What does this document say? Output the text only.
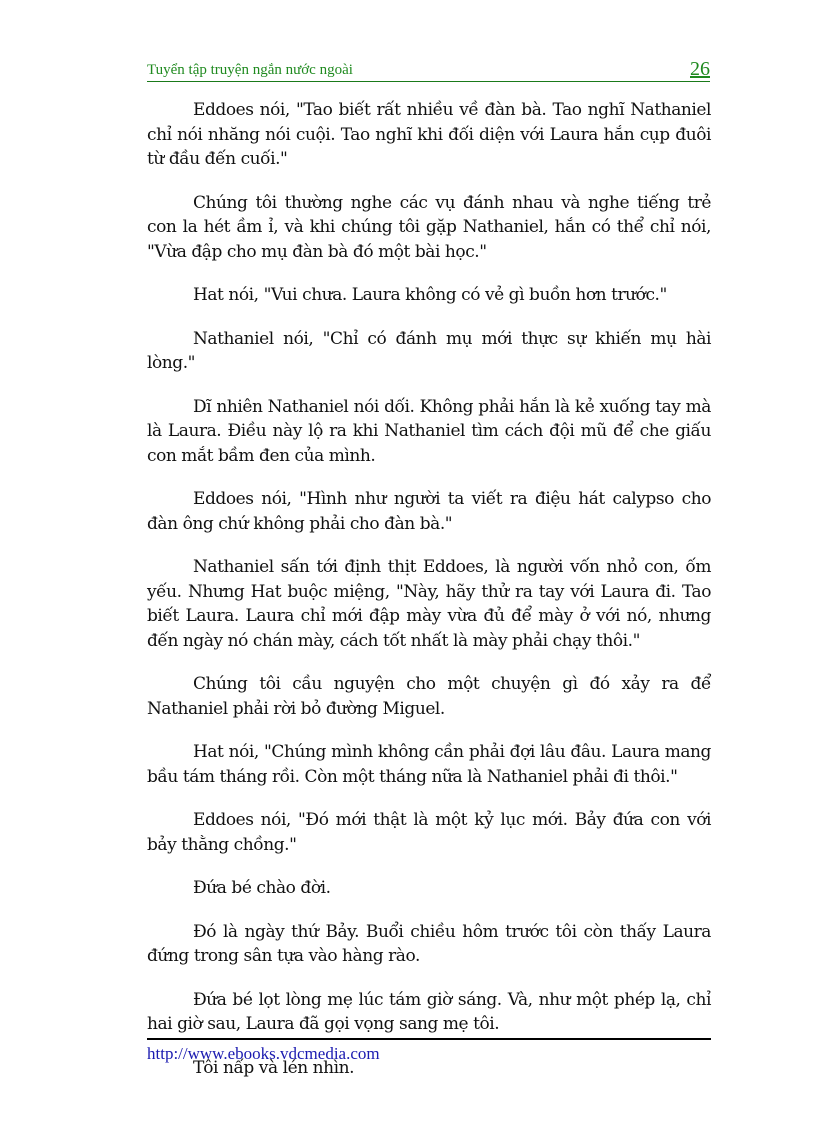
Tuyển tập truyện ngắn nước ngoài	26

Eddoes nói, "Tao biết rất nhiều về đàn bà. Tao nghĩ Nathaniel chỉ nói nhăng nói cuội. Tao nghĩ khi đối diện với Laura hắn cụp đuôi từ đầu đến cuối."

Chúng tôi thường nghe các vụ đánh nhau và nghe tiếng trẻ con la hét ầm ỉ, và khi chúng tôi gặp Nathaniel, hắn có thể chỉ nói, "Vừa đập cho mụ đàn bà đó một bài học."

Hat nói, "Vui chưa. Laura không có vẻ gì buồn hơn trước."

Nathaniel nói, "Chỉ có đánh mụ mới thực sự khiến mụ hài lòng."

Dĩ nhiên Nathaniel nói dối. Không phải hắn là kẻ xuống tay mà là Laura. Điều này lộ ra khi Nathaniel tìm cách đội mũ để che giấu con mắt bầm đen của mình.

Eddoes nói, "Hình như người ta viết ra điệu hát calypso cho đàn ông chứ không phải cho đàn bà."

Nathaniel sấn tới định thịt Eddoes, là người vốn nhỏ con, ốm yếu. Nhưng Hat buộc miệng, "Này, hãy thử ra tay với Laura đi. Tao biết Laura. Laura chỉ mới đập mày vừa đủ để mày ở với nó, nhưng đến ngày nó chán mày, cách tốt nhất là mày phải chạy thôi."

Chúng tôi cầu nguyện cho một chuyện gì đó xảy ra để Nathaniel phải rời bỏ đường Miguel.

Hat nói, "Chúng mình không cần phải đợi lâu đâu. Laura mang bầu tám tháng rồi. Còn một tháng nữa là Nathaniel phải đi thôi."

Eddoes nói, "Đó mới thật là một kỷ lục mới. Bảy đứa con với bảy thằng chồng."

Đứa bé chào đời.

Đó là ngày thứ Bảy. Buổi chiều hôm trước tôi còn thấy Laura đứng trong sân tựa vào hàng rào.

Đứa bé lọt lòng mẹ lúc tám giờ sáng. Và, như một phép lạ, chỉ hai giờ sau, Laura đã gọi vọng sang mẹ tôi.

Tôi nấp và lén nhìn.

http://www.ebooks.vdcmedia.com
